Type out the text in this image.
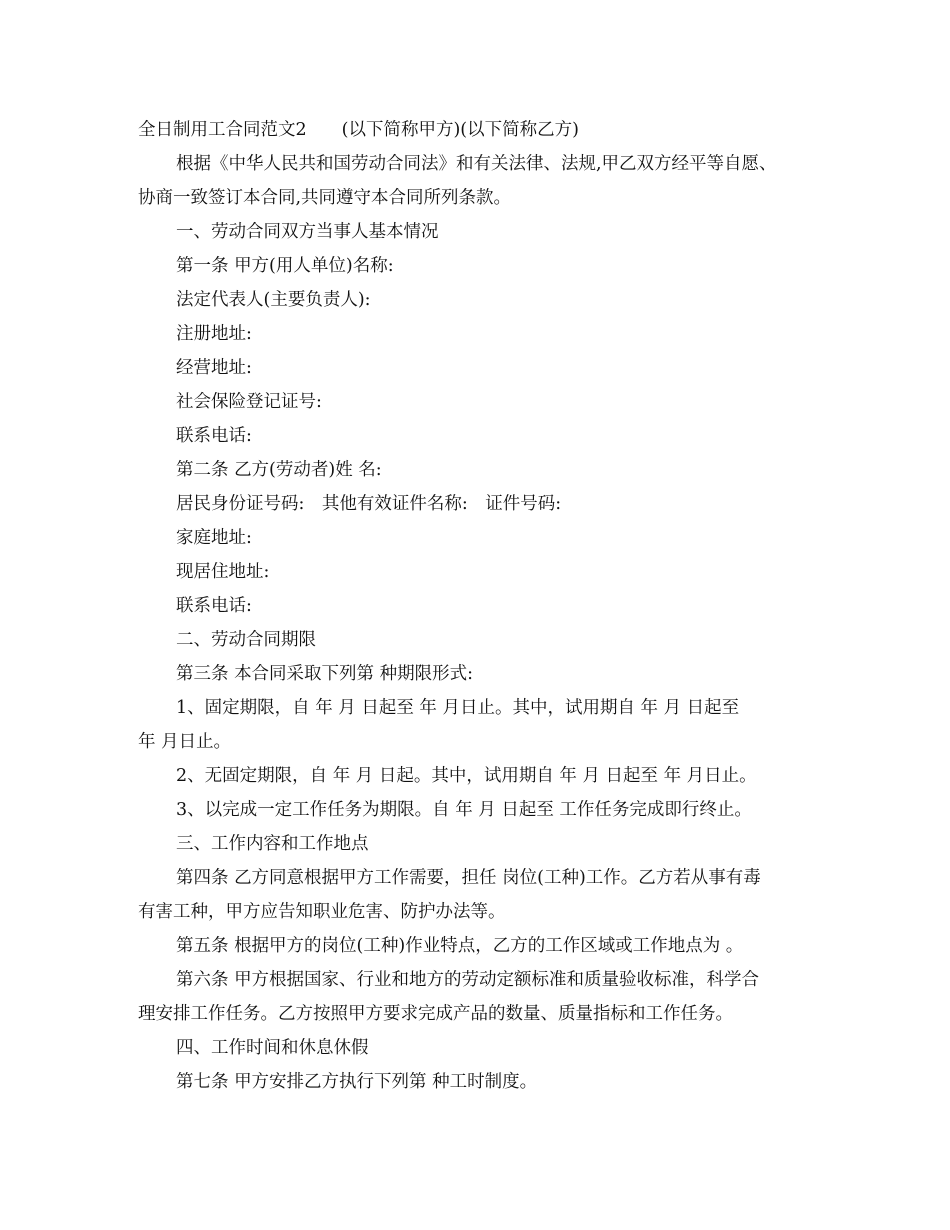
全日制用工合同范文2　　(以下简称甲方)(以下简称乙方)
根据《中华人民共和国劳动合同法》和有关法律、法规,甲乙双方经平等自愿、
协商一致签订本合同,共同遵守本合同所列条款。
一、劳动合同双方当事人基本情况
第一条 甲方(用人单位)名称:
法定代表人(主要负责人):
注册地址:
经营地址:
社会保险登记证号:
联系电话:
第二条 乙方(劳动者)姓 名:
居民身份证号码:　其他有效证件名称:　证件号码:
家庭地址:
现居住地址:
联系电话:
二、劳动合同期限
第三条 本合同采取下列第 种期限形式:
1、固定期限，自 年 月 日起至 年 月日止。其中，试用期自 年 月 日起至
年 月日止。
2、无固定期限，自 年 月 日起。其中，试用期自 年 月 日起至 年 月日止。
3、以完成一定工作任务为期限。自 年 月 日起至 工作任务完成即行终止。
三、工作内容和工作地点
第四条 乙方同意根据甲方工作需要，担任 岗位(工种)工作。乙方若从事有毒
有害工种，甲方应告知职业危害、防护办法等。
第五条 根据甲方的岗位(工种)作业特点，乙方的工作区域或工作地点为 。
第六条 甲方根据国家、行业和地方的劳动定额标准和质量验收标准，科学合
理安排工作任务。乙方按照甲方要求完成产品的数量、质量指标和工作任务。
四、工作时间和休息休假
第七条 甲方安排乙方执行下列第 种工时制度。
